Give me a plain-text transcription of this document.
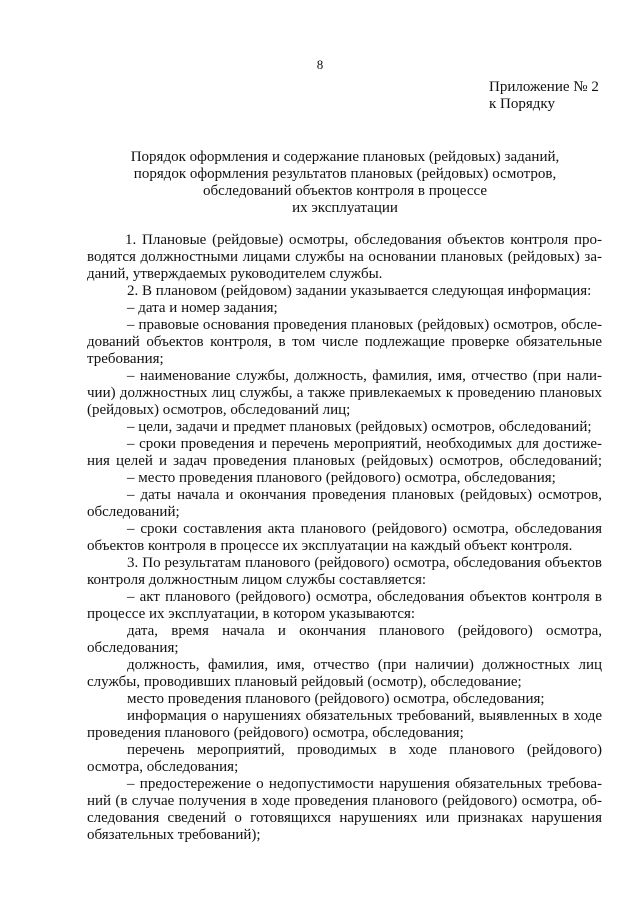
8
Приложение № 2
к Порядку
Порядок оформления и содержание плановых (рейдовых) заданий,
порядок оформления результатов плановых (рейдовых) осмотров,
обследований объектов контроля в процессе
их эксплуатации
1. Плановые (рейдовые) осмотры, обследования объектов контроля про-
водятся должностными лицами службы на основании плановых (рейдовых) за-
даний, утверждаемых руководителем службы.
2. В плановом (рейдовом) задании указывается следующая информация:
– дата и номер задания;
– правовые основания проведения плановых (рейдовых) осмотров, обсле-
дований объектов контроля, в том числе подлежащие проверке обязательные
требования;
– наименование службы, должность, фамилия, имя, отчество (при нали-
чии) должностных лиц службы, а также привлекаемых к проведению плановых
(рейдовых) осмотров, обследований лиц;
– цели, задачи и предмет плановых (рейдовых) осмотров, обследований;
– сроки проведения и перечень мероприятий, необходимых для достиже-
ния целей и задач проведения плановых (рейдовых) осмотров, обследований;
– место проведения планового (рейдового) осмотра, обследования;
– даты начала и окончания проведения плановых (рейдовых) осмотров,
обследований;
– сроки составления акта планового (рейдового) осмотра, обследования
объектов контроля в процессе их эксплуатации на каждый объект контроля.
3. По результатам планового (рейдового) осмотра, обследования объектов
контроля должностным лицом службы составляется:
– акт планового (рейдового) осмотра, обследования объектов контроля в
процессе их эксплуатации, в котором указываются:
дата, время начала и окончания планового (рейдового) осмотра,
обследования;
должность, фамилия, имя, отчество (при наличии) должностных лиц
службы, проводивших плановый рейдовый (осмотр), обследование;
место проведения планового (рейдового) осмотра, обследования;
информация о нарушениях обязательных требований, выявленных в ходе
проведения планового (рейдового) осмотра, обследования;
перечень мероприятий, проводимых в ходе планового (рейдового)
осмотра, обследования;
– предостережение о недопустимости нарушения обязательных требова-
ний (в случае получения в ходе проведения планового (рейдового) осмотра, об-
следования сведений о готовящихся нарушениях или признаках нарушения
обязательных требований);
